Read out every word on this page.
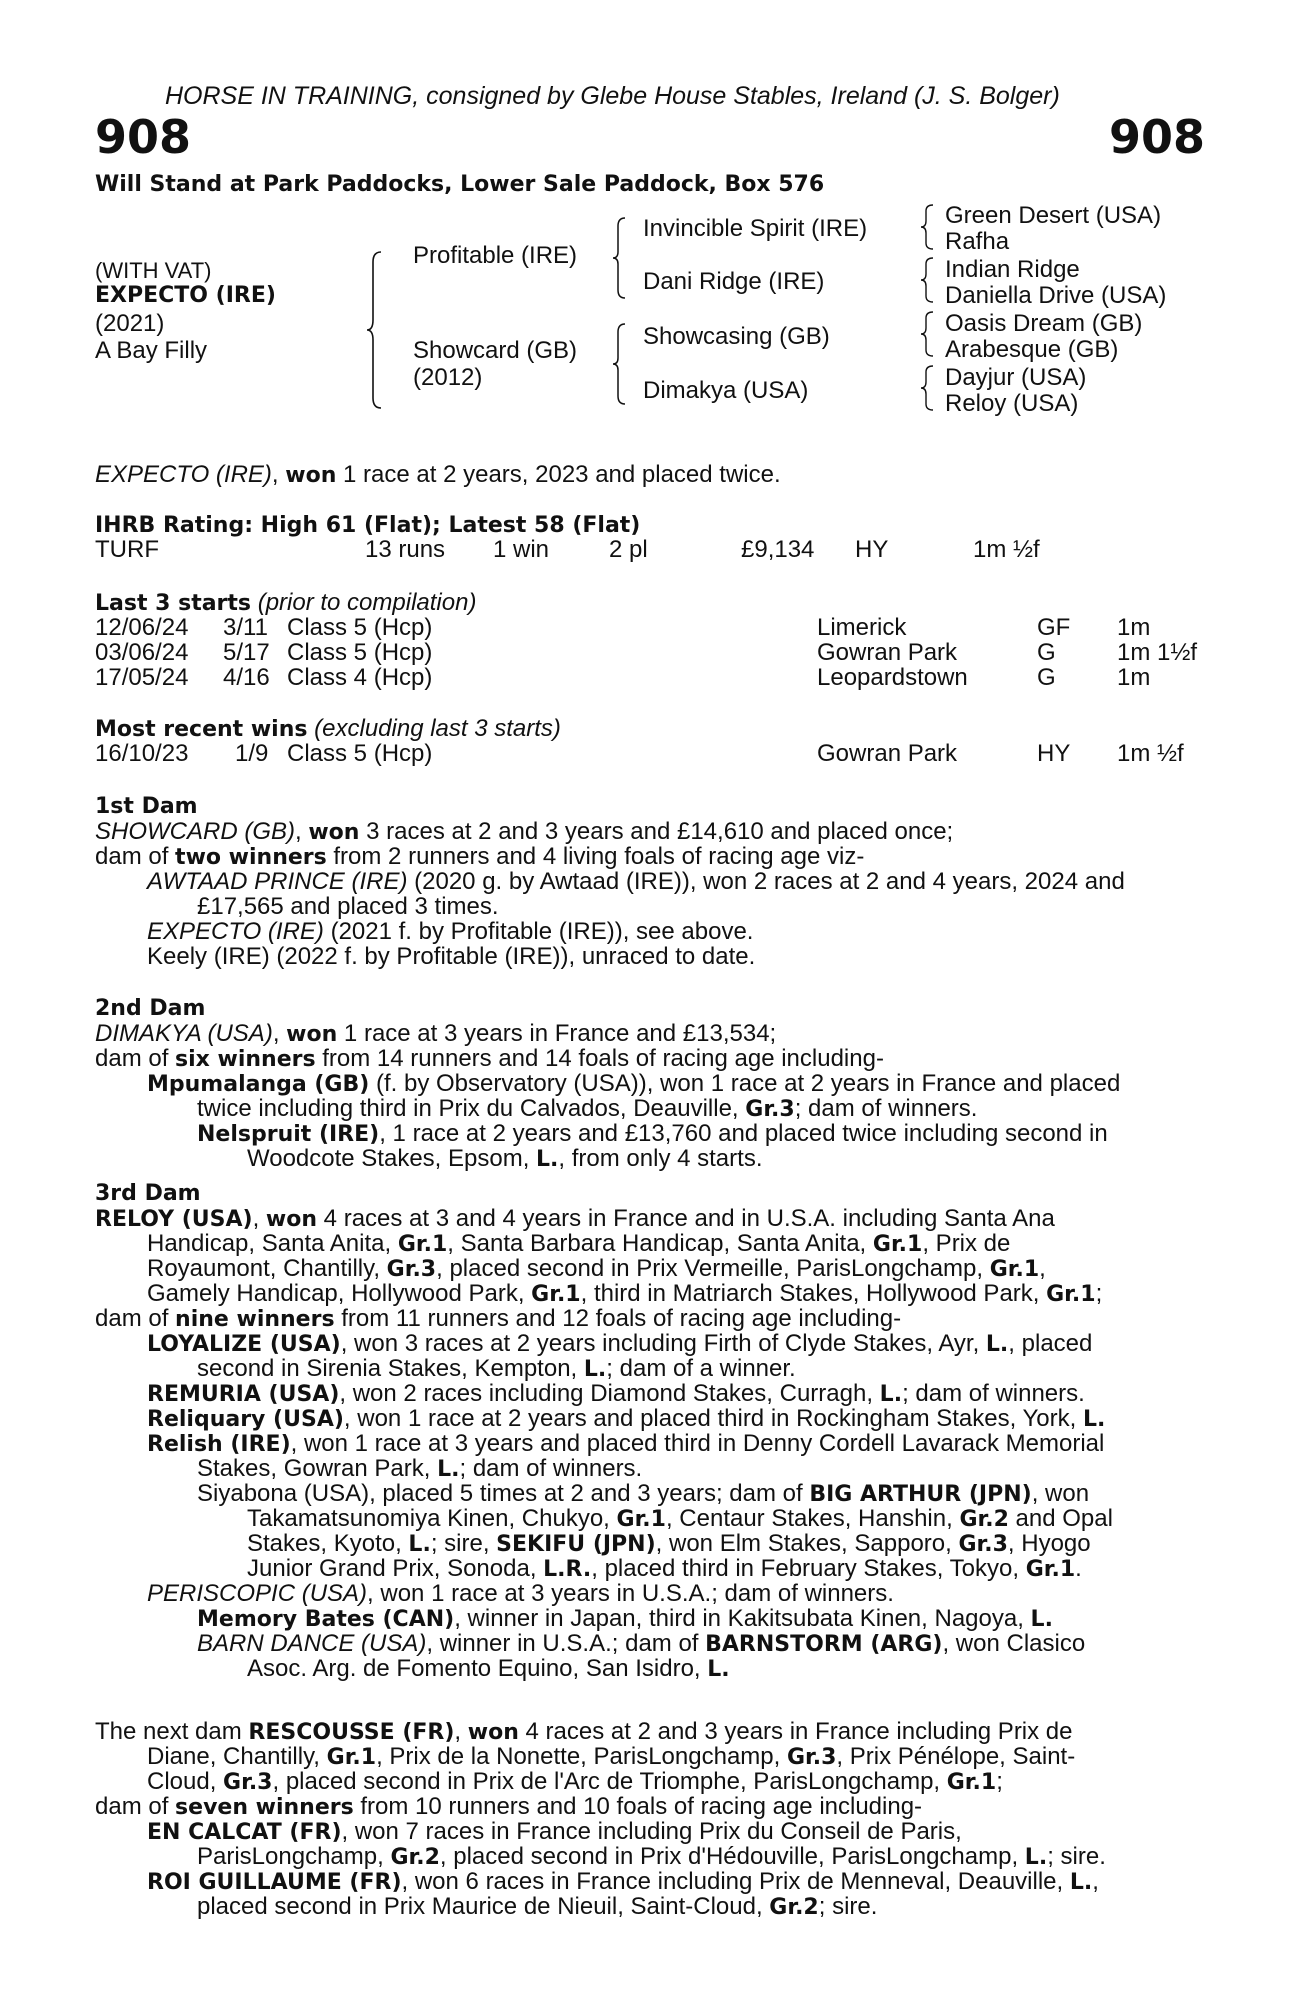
HORSE IN TRAINING, consigned by Glebe House Stables, Ireland (J. S. Bolger)
908	908
Will Stand at Park Paddocks, Lower Sale Paddock, Box 576
(WITH VAT)
EXPECTO (IRE)
(2021)
A Bay Filly
Profitable (IRE)
Showcard (GB)
(2012)
Invincible Spirit (IRE)
Dani Ridge (IRE)
Showcasing (GB)
Dimakya (USA)
Green Desert (USA)
Rafha
Indian Ridge
Daniella Drive (USA)
Oasis Dream (GB)
Arabesque (GB)
Dayjur (USA)
Reloy (USA)
EXPECTO (IRE), won 1 race at 2 years, 2023 and placed twice.
IHRB Rating: High 61 (Flat); Latest 58 (Flat)
TURF	13 runs 1 win 2 pl	£9,134 HY	1m ½f
Last 3 starts (prior to compilation)
12/06/24 3/11 Class 5 (Hcp)	Limerick	GF 1m
03/06/24 5/17 Class 5 (Hcp)	Gowran Park	G	1m 1½f
17/05/24 4/16 Class 4 (Hcp)	Leopardstown	G	1m
Most recent wins (excluding last 3 starts)
16/10/23 1/9 Class 5 (Hcp)	Gowran Park	HY 1m ½f
1st Dam
SHOWCARD (GB), won 3 races at 2 and 3 years and £14,610 and placed once;
dam of two winners from 2 runners and 4 living foals of racing age viz-
AWTAAD PRINCE (IRE) (2020 g. by Awtaad (IRE)), won 2 races at 2 and 4 years, 2024 and
£17,565 and placed 3 times.
EXPECTO (IRE) (2021 f. by Profitable (IRE)), see above.
Keely (IRE) (2022 f. by Profitable (IRE)), unraced to date.
2nd Dam
DIMAKYA (USA), won 1 race at 3 years in France and £13,534;
dam of six winners from 14 runners and 14 foals of racing age including-
Mpumalanga (GB) (f. by Observatory (USA)), won 1 race at 2 years in France and placed
twice including third in Prix du Calvados, Deauville, Gr.3; dam of winners.
Nelspruit (IRE), 1 race at 2 years and £13,760 and placed twice including second in
Woodcote Stakes, Epsom, L., from only 4 starts.
3rd Dam
RELOY (USA), won 4 races at 3 and 4 years in France and in U.S.A. including Santa Ana
Handicap, Santa Anita, Gr.1, Santa Barbara Handicap, Santa Anita, Gr.1, Prix de
Royaumont, Chantilly, Gr.3, placed second in Prix Vermeille, ParisLongchamp, Gr.1,
Gamely Handicap, Hollywood Park, Gr.1, third in Matriarch Stakes, Hollywood Park, Gr.1;
dam of nine winners from 11 runners and 12 foals of racing age including-
LOYALIZE (USA), won 3 races at 2 years including Firth of Clyde Stakes, Ayr, L., placed
second in Sirenia Stakes, Kempton, L.; dam of a winner.
REMURIA (USA), won 2 races including Diamond Stakes, Curragh, L.; dam of winners.
Reliquary (USA), won 1 race at 2 years and placed third in Rockingham Stakes, York, L.
Relish (IRE), won 1 race at 3 years and placed third in Denny Cordell Lavarack Memorial
Stakes, Gowran Park, L.; dam of winners.
Siyabona (USA), placed 5 times at 2 and 3 years; dam of BIG ARTHUR (JPN), won
Takamatsunomiya Kinen, Chukyo, Gr.1, Centaur Stakes, Hanshin, Gr.2 and Opal
Stakes, Kyoto, L.; sire, SEKIFU (JPN), won Elm Stakes, Sapporo, Gr.3, Hyogo
Junior Grand Prix, Sonoda, L.R., placed third in February Stakes, Tokyo, Gr.1.
PERISCOPIC (USA), won 1 race at 3 years in U.S.A.; dam of winners.
Memory Bates (CAN), winner in Japan, third in Kakitsubata Kinen, Nagoya, L.
BARN DANCE (USA), winner in U.S.A.; dam of BARNSTORM (ARG), won Clasico
Asoc. Arg. de Fomento Equino, San Isidro, L.
The next dam RESCOUSSE (FR), won 4 races at 2 and 3 years in France including Prix de
Diane, Chantilly, Gr.1, Prix de la Nonette, ParisLongchamp, Gr.3, Prix Pénélope, Saint-
Cloud, Gr.3, placed second in Prix de l'Arc de Triomphe, ParisLongchamp, Gr.1;
dam of seven winners from 10 runners and 10 foals of racing age including-
EN CALCAT (FR), won 7 races in France including Prix du Conseil de Paris,
ParisLongchamp, Gr.2, placed second in Prix d'Hédouville, ParisLongchamp, L.; sire.
ROI GUILLAUME (FR), won 6 races in France including Prix de Menneval, Deauville, L.,
placed second in Prix Maurice de Nieuil, Saint-Cloud, Gr.2; sire.
